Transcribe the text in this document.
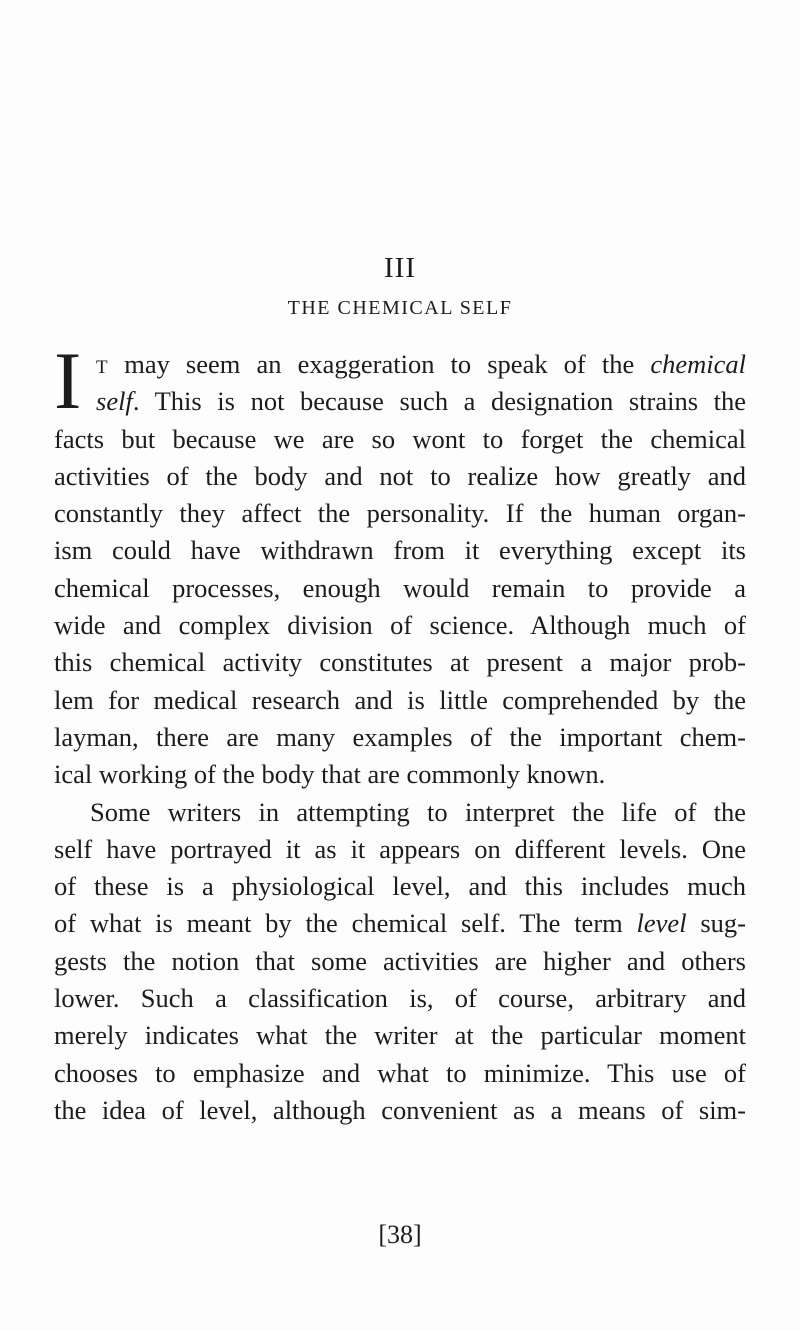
III
THE CHEMICAL SELF
I T may seem an exaggeration to speak of the chemical
self. This is not because such a designation strains the
facts but because we are so wont to forget the chemical
activities of the body and not to realize how greatly and
constantly they affect the personality. If the human organ-
ism could have withdrawn from it everything except its
chemical processes, enough would remain to provide a
wide and complex division of science. Although much of
this chemical activity constitutes at present a major prob-
lem for medical research and is little comprehended by the
layman, there are many examples of the important chem-
ical working of the body that are commonly known.
Some writers in attempting to interpret the life of the
self have portrayed it as it appears on different levels. One
of these is a physiological level, and this includes much
of what is meant by the chemical self. The term level sug-
gests the notion that some activities are higher and others
lower. Such a classification is, of course, arbitrary and
merely indicates what the writer at the particular moment
chooses to emphasize and what to minimize. This use of
the idea of level, although convenient as a means of sim-
[38]
